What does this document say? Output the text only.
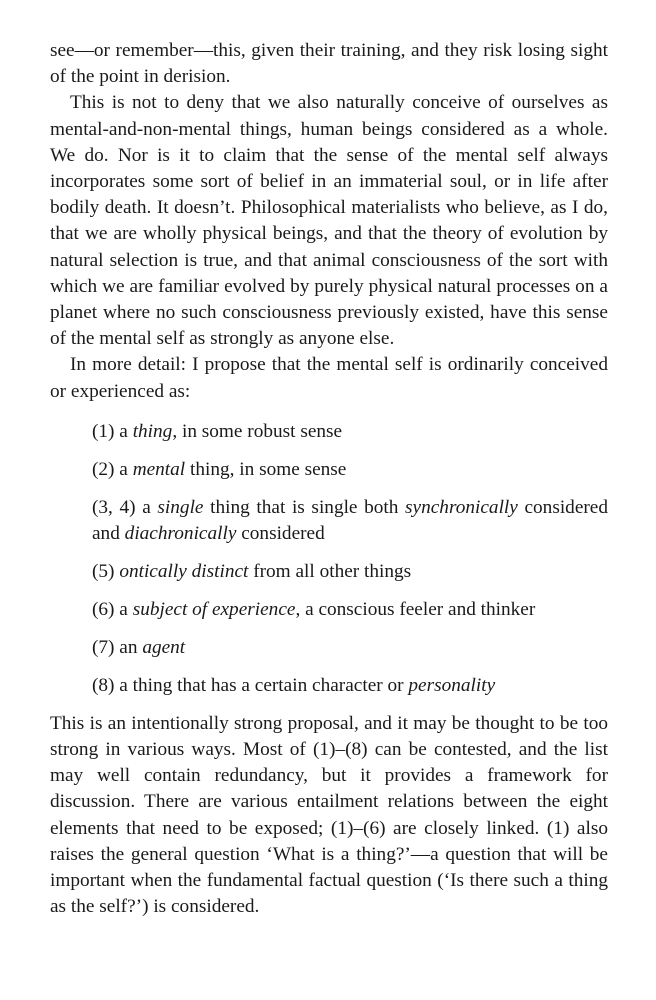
see—or remember—this, given their training, and they risk losing sight of the point in derision.

This is not to deny that we also naturally conceive of ourselves as mental-and-non-mental things, human beings considered as a whole. We do. Nor is it to claim that the sense of the mental self always incorporates some sort of belief in an immaterial soul, or in life after bodily death. It doesn’t. Philosophical materialists who believe, as I do, that we are wholly physical beings, and that the theory of evolution by natural selection is true, and that animal consciousness of the sort with which we are familiar evolved by purely physical natural processes on a planet where no such consciousness previously existed, have this sense of the mental self as strongly as anyone else.

In more detail: I propose that the mental self is ordinarily conceived or experienced as:

(1) a thing, in some robust sense
(2) a mental thing, in some sense
(3, 4) a single thing that is single both synchronically considered and diachronically considered
(5) ontically distinct from all other things
(6) a subject of experience, a conscious feeler and thinker
(7) an agent
(8) a thing that has a certain character or personality

This is an intentionally strong proposal, and it may be thought to be too strong in various ways. Most of (1)–(8) can be contested, and the list may well contain redundancy, but it provides a framework for discussion. There are various entailment relations between the eight elements that need to be exposed; (1)–(6) are closely linked. (1) also raises the general question ‘What is a thing?’—a question that will be important when the fundamental factual question (‘Is there such a thing as the self?’) is considered.
